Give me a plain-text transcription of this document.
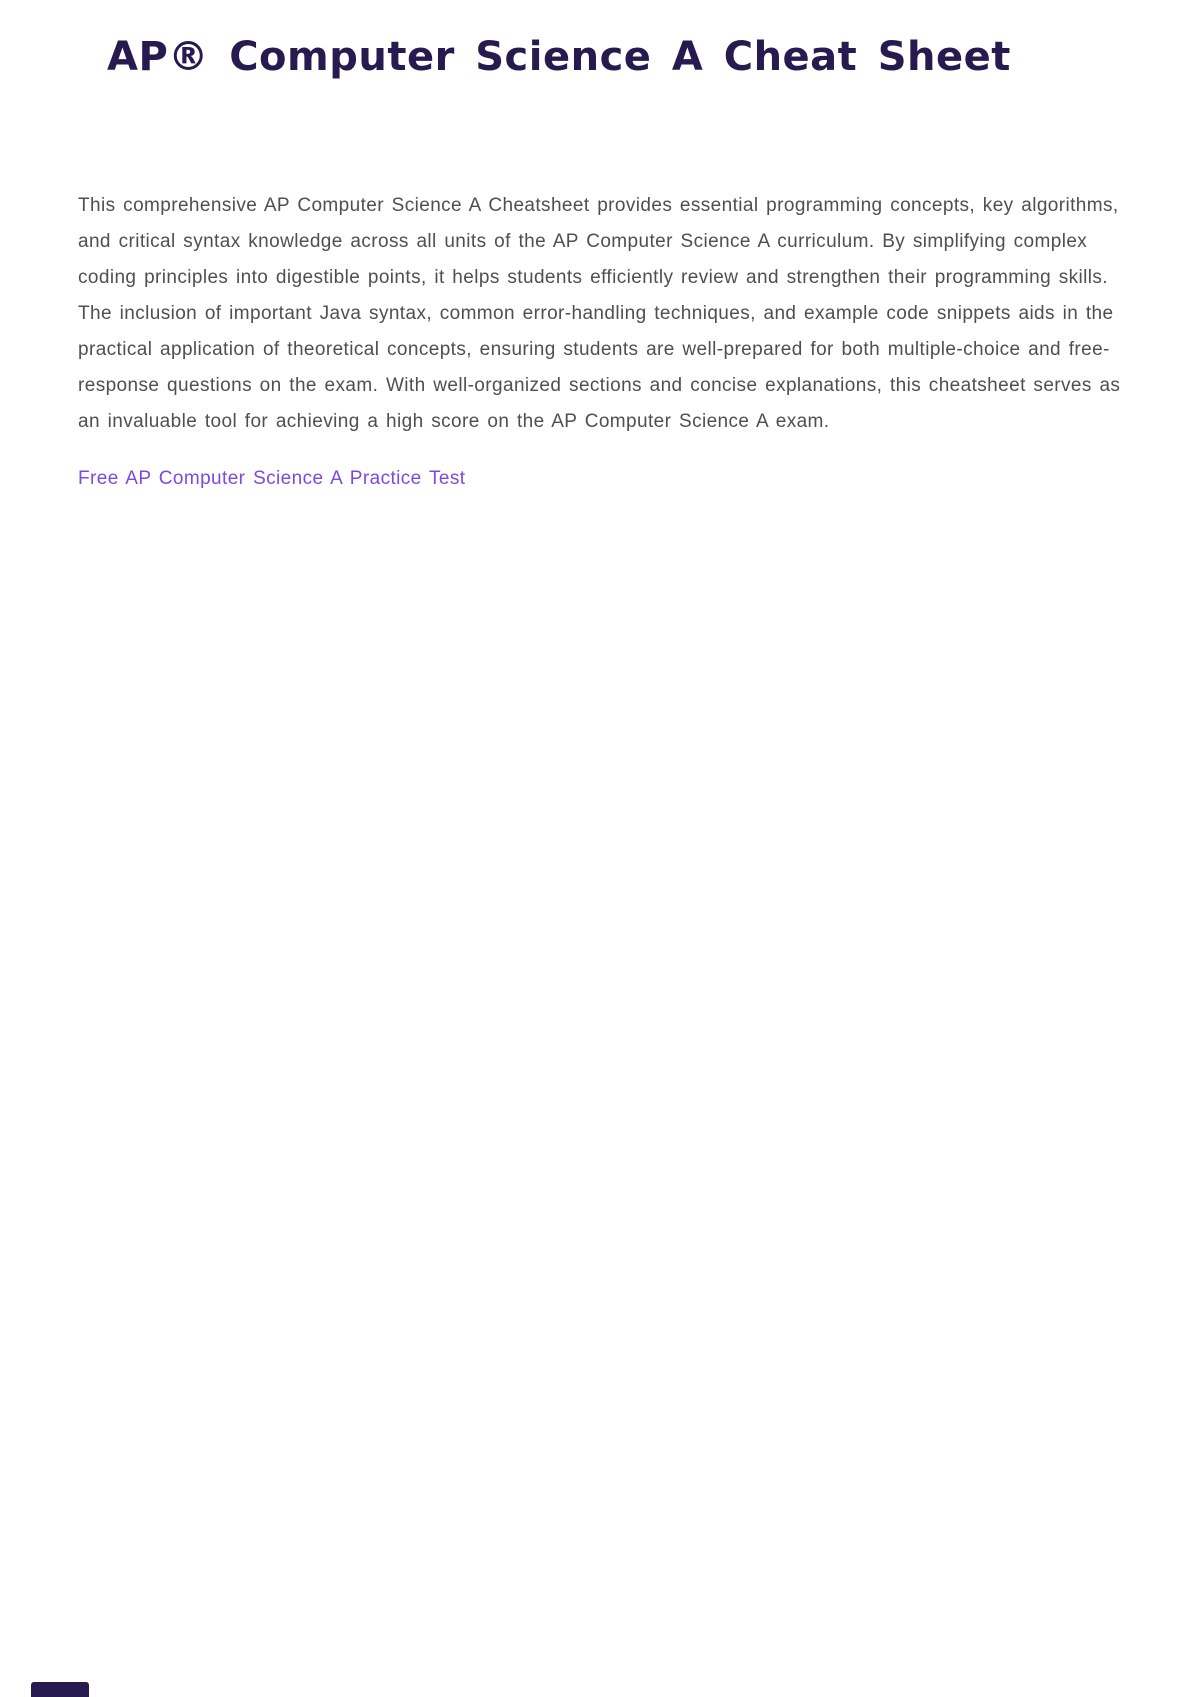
AP® Computer Science A Cheat Sheet

This comprehensive AP Computer Science A Cheatsheet provides essential programming concepts, key algorithms, and critical syntax knowledge across all units of the AP Computer Science A curriculum. By simplifying complex coding principles into digestible points, it helps students efficiently review and strengthen their programming skills. The inclusion of important Java syntax, common error-handling techniques, and example code snippets aids in the practical application of theoretical concepts, ensuring students are well-prepared for both multiple-choice and free-response questions on the exam. With well-organized sections and concise explanations, this cheatsheet serves as an invaluable tool for achieving a high score on the AP Computer Science A exam.

Free AP Computer Science A Practice Test
